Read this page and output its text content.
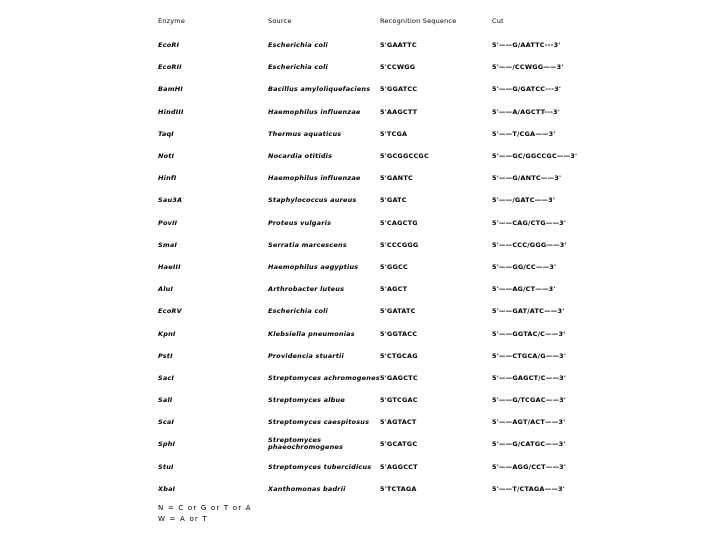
Enzyme	Source	Recognition Sequence	Cut
EcoRI	Escherichia coli	5'GAATTC	5'——G/AATTC---3'
EcoRII	Escherichia coli	5'CCWGG	5'——/CCWGG——3'
BamHI	Bacillus amyloliquefaciens	5'GGATCC	5'——G/GATCC---3'
HindIII	Haemophilus influenzae	5'AAGCTT	5'——A/AGCTT---3'
TaqI	Thermus aquaticus	5'TCGA	5'——T/CGA——3'
NotI	Nocardia otitidis	5'GCGGCCGC	5'——GC/GGCCGC——3'
HinfI	Haemophilus influenzae	5'GANTC	5'——G/ANTC——3'
Sau3A	Staphylococcus aureus	5'GATC	5'——/GATC——3'
PovII	Proteus vulgaris	5'CAGCTG	5'——CAG/CTG——3'
SmaI	Serratia marcescens	5'CCCGGG	5'——CCC/GGG——3'
HaeIII	Haemophilus aegyptius	5'GGCC	5'——GG/CC——3'
AluI	Arthrobacter luteus	5'AGCT	5'——AG/CT——3'
EcoRV	Escherichia coli	5'GATATC	5'——GAT/ATC——3'
KpnI	Klebsiella pneumonias	5'GGTACC	5'——GGTAC/C——3'
PstI	Providencia stuartii	5'CTGCAG	5'——CTGCA/G——3'
SacI	Streptomyces achromogenes	5'GAGCTC	5'——GAGCT/C——3'
SalI	Streptomyces albue	5'GTCGAC	5'——G/TCGAC——3'
ScaI	Streptomyces caespitosus	5'AGTACT	5'——AGT/ACT——3'
SphI	Streptomyces phaeochromogenes	5'GCATGC	5'——G/CATGC——3'
StuI	Streptomyces tubercidicus	5'AGGCCT	5'——AGG/CCT——3'
XbaI	Xanthomonas badrii	5'TCTAGA	5'——T/CTAGA——3'
N = C or G or T or A
W = A or T
